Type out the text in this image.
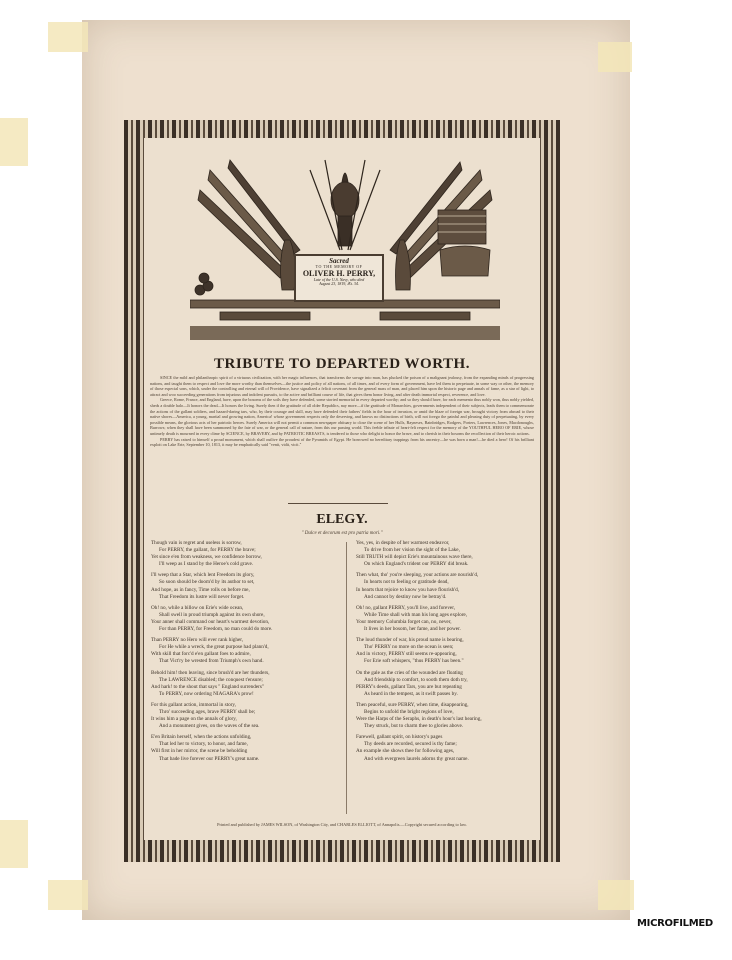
Sacred
TO THE MEMORY OF
OLIVER H. PERRY,
Late of the U.S. Navy, who died
August 23, 1819, Æt. 34.
TRIBUTE TO DEPARTED WORTH.

SINCE the mild and philanthropic spirit of a virtuous civilization, with her magic influences, that transforms the savage into man, has plucked the poison of a malignant jealousy, from the expanding minds of progressing nations, and taught them to respect and love the more worthy than themselves—the justice and policy of all nations, of all times, and of every form of government, have led them to perpetuate, in some way or other, the memory of those especial sons, which, under the controlling and eternal will of Providence, have signalized a felicit covenant from the general mass of man, and placed him upon the historic page and annals of fame, as a star of light, to attract and woo succeeding generations from injurious and indolent pursuits, to the active and brilliant course of life, that gives them honor living, and after death immortal respect, reverence, and love.

Greece, Rome, France, and England, have, upon the bosoms of the soils they have defended, some storied memorial in every departed worthy; and so they should have, for each memento thus nobly won, thus nobly yielded, sheds a double halo—It honors the dead—It honors the living. Surely then if the gratitude of all older Republics, nay more—if the gratitude of Monarchies, governments independent of their subjects, leads them to commemorate the actions of the gallant soldiers, and hazard-daring tars, who, by their courage and skill, may have defended their fathers' fields in the hour of invasion, or amid the blaze of foreign war, brought victory from abroad to their native shores—America, a young, martial and growing nation, America! whose government respects only the deserving, and knows no distinctions of birth, will not forego the painful and pleasing duty of perpetuating, by every possible means, the glorious acts of her patriotic heroes. Surely America will not permit a common newspaper obituary to close the scene of her Hulls, Bayneses, Bainbridges, Rodgers, Porters, Lawrences, Jones, Macdonoughs, Burrows; when they shall have been summoned by the fate of war, or the general call of nature, from this our passing world. This feeble tribute of heart-felt respect for the memory of the YOUTHFUL HERO OF ERIE, whose untimely death is mourned in every clime by SCIENCE, by BRAVERY, and by PATRIOTIC BREASTS, is tendered to those who delight to honor the brave, and to cherish in their bosoms the recollection of their heroic actions.

PERRY has raised to himself a proud monument, which shall outlive the proudest of the Pyramids of Egypt. He borrowed no hereditary trappings from his ancestry—he was born a man!—he died a hero! Of his brilliant exploit on Lake Erie, September 10, 1813, it may be emphatically said "venit, vidit, vicit."

ELEGY.
" Dulce et decorum est pro patria mori."
Though vain is regret and useless is sorrow,
For PERRY, the gallant, for PERRY the brave;
Yet since e'en from weakness, we confidence borrow,
I'll weep as I stand by the Heroe's cold grave.
I'll weep that a Star, which lent Freedom its glory,
So soon should be doom'd by its author to set,
And hope, as in fancy, Time rolls on before me,
That Freedom its lustre will never forget.
Oh! no, while a billow on Erie's wide ocean,
Shall swell in proud triumph against its own shore,
Your anner shall command our heart's warmest devotion,
For than PERRY, for Freedom, no man could do more.
Than PERRY no Hero will ever rank higher,
For He while a wreck, the great purpose had plann'd,
With skill that forc'd e'en gallant foes to admire,
That Vict'ry be wrested from Triumph's own hand.
Behold him! then leaving, since brush'd are her thunders,
The LAWRENCE disabled; the conquest t'ensure;
And hark! to the shout that says " England surrenders"
To PERRY, now ordering NIAGARA's prow!
For this gallant action, immortal in story,
Thro' succeeding ages, brave PERRY shall be;
It wins him a page on the annals of glory,
And a monument gives, on the waves of the sea.
E'en Britain herself, when the actions unfolding,
That led her to victory, to honor, and fame,
Will first in her mirror, the scene be beholding
That bade live forever our PERRY's great name.
Yes, yes, in despite of her warmest endeavor,
To drive from her vision the sight of the Lake,
Still TRUTH will depict Erie's mountainous wave there,
On which England's trident our PERRY did break.
Then what, tho' you're sleeping, your actions are nourish'd,
In hearts not to feeling or gratitude dead,
In hearts that rejoice to know you have flourish'd,
And cannot by destiny now be betray'd.
Oh! no, gallant PERRY, you'll live, and forever,
While Time shall with man his long ages explore,
Your memory Columbia forget can, no, never,
It lives in her bosom, her fame, and her power.
The loud thunder of war, his proud name is bearing,
Tho' PERRY no more on the ocean is seen;
And in victory, PERRY still seems re-appearing,
For Erie soft whispers, "thus PERRY has been."
On the gale as the cries of the wounded are floating
And friendship to comfort, to sooth them doth try,
PERRY's deeds, gallant Tars, you are but repeating
As heard in the tempest, as it swift passes by.
Then peaceful, sure PERRY, when time, disappearing,
Begins to unfold the bright regions of love,
Were the Harps of the Seraphs, in death's hour's last hearing,
They struck, but to charm thee to glories above.
Farewell, gallant spirit, on history's pages
Thy deeds are recorded, secured is thy fame;
An example she shows thee for following ages,
And with evergreen laurels adorns thy great name.
Printed and published by JAMES WILSON, of Washington City, and CHARLES ELLIOTT, of Annapolis.—Copyright secured according to law.
MICROFILMED
